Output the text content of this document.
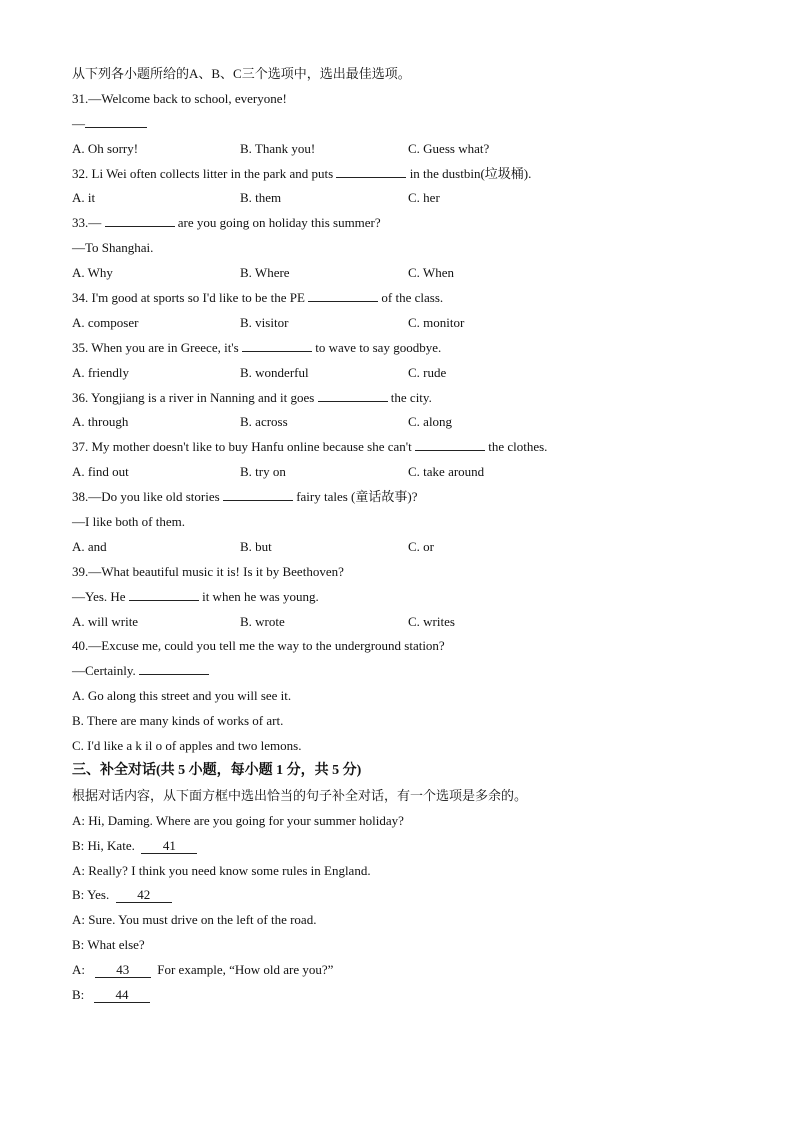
从下列各小题所给的A、B、C三个选项中，选出最佳选项。
31.—Welcome back to school, everyone!
—
A. Oh sorry!	B. Thank you!	C. Guess what?
32. Li Wei often collects litter in the park and puts	in the dustbin(垃圾桶).
A. it	B. them	C. her
33.—	are you going on holiday this summer?
—To Shanghai.
A. Why	B. Where	C. When
34. I'm good at sports so I'd like to be the PE	of the class.
A. composer	B. visitor	C. monitor
35. When you are in Greece, it's	to wave to say goodbye.
A. friendly	B. wonderful	C. rude
36. Yongjiang is a river in Nanning and it goes	the city.
A. through	B. across	C. along
37. My mother doesn't like to buy Hanfu online because she can't	the clothes.
A. find out	B. try on	C. take around
38.—Do you like old stories	fairy tales (童话故事)?
—I like both of them.
A. and	B. but	C. or
39.—What beautiful music it is! Is it by Beethoven?
—Yes. He	it when he was young.
A. will write	B. wrote	C. writes
40.—Excuse me, could you tell me the way to the underground station?
—Certainly.
A. Go along this street and you will see it.
B. There are many kinds of works of art.
C. I'd like a k il o of apples and two lemons.
三、补全对话(共 5 小题，每小题 1 分，共 5 分)
根据对话内容，从下面方框中选出恰当的句子补全对话，有一个选项是多余的。
A: Hi, Daming. Where are you going for your summer holiday?
B: Hi, Kate. 41
A: Really? I think you need know some rules in England.
B: Yes. 42
A: Sure. You must drive on the left of the road.
B: What else?
A: 43 For example, “How old are you?”
B: 44
